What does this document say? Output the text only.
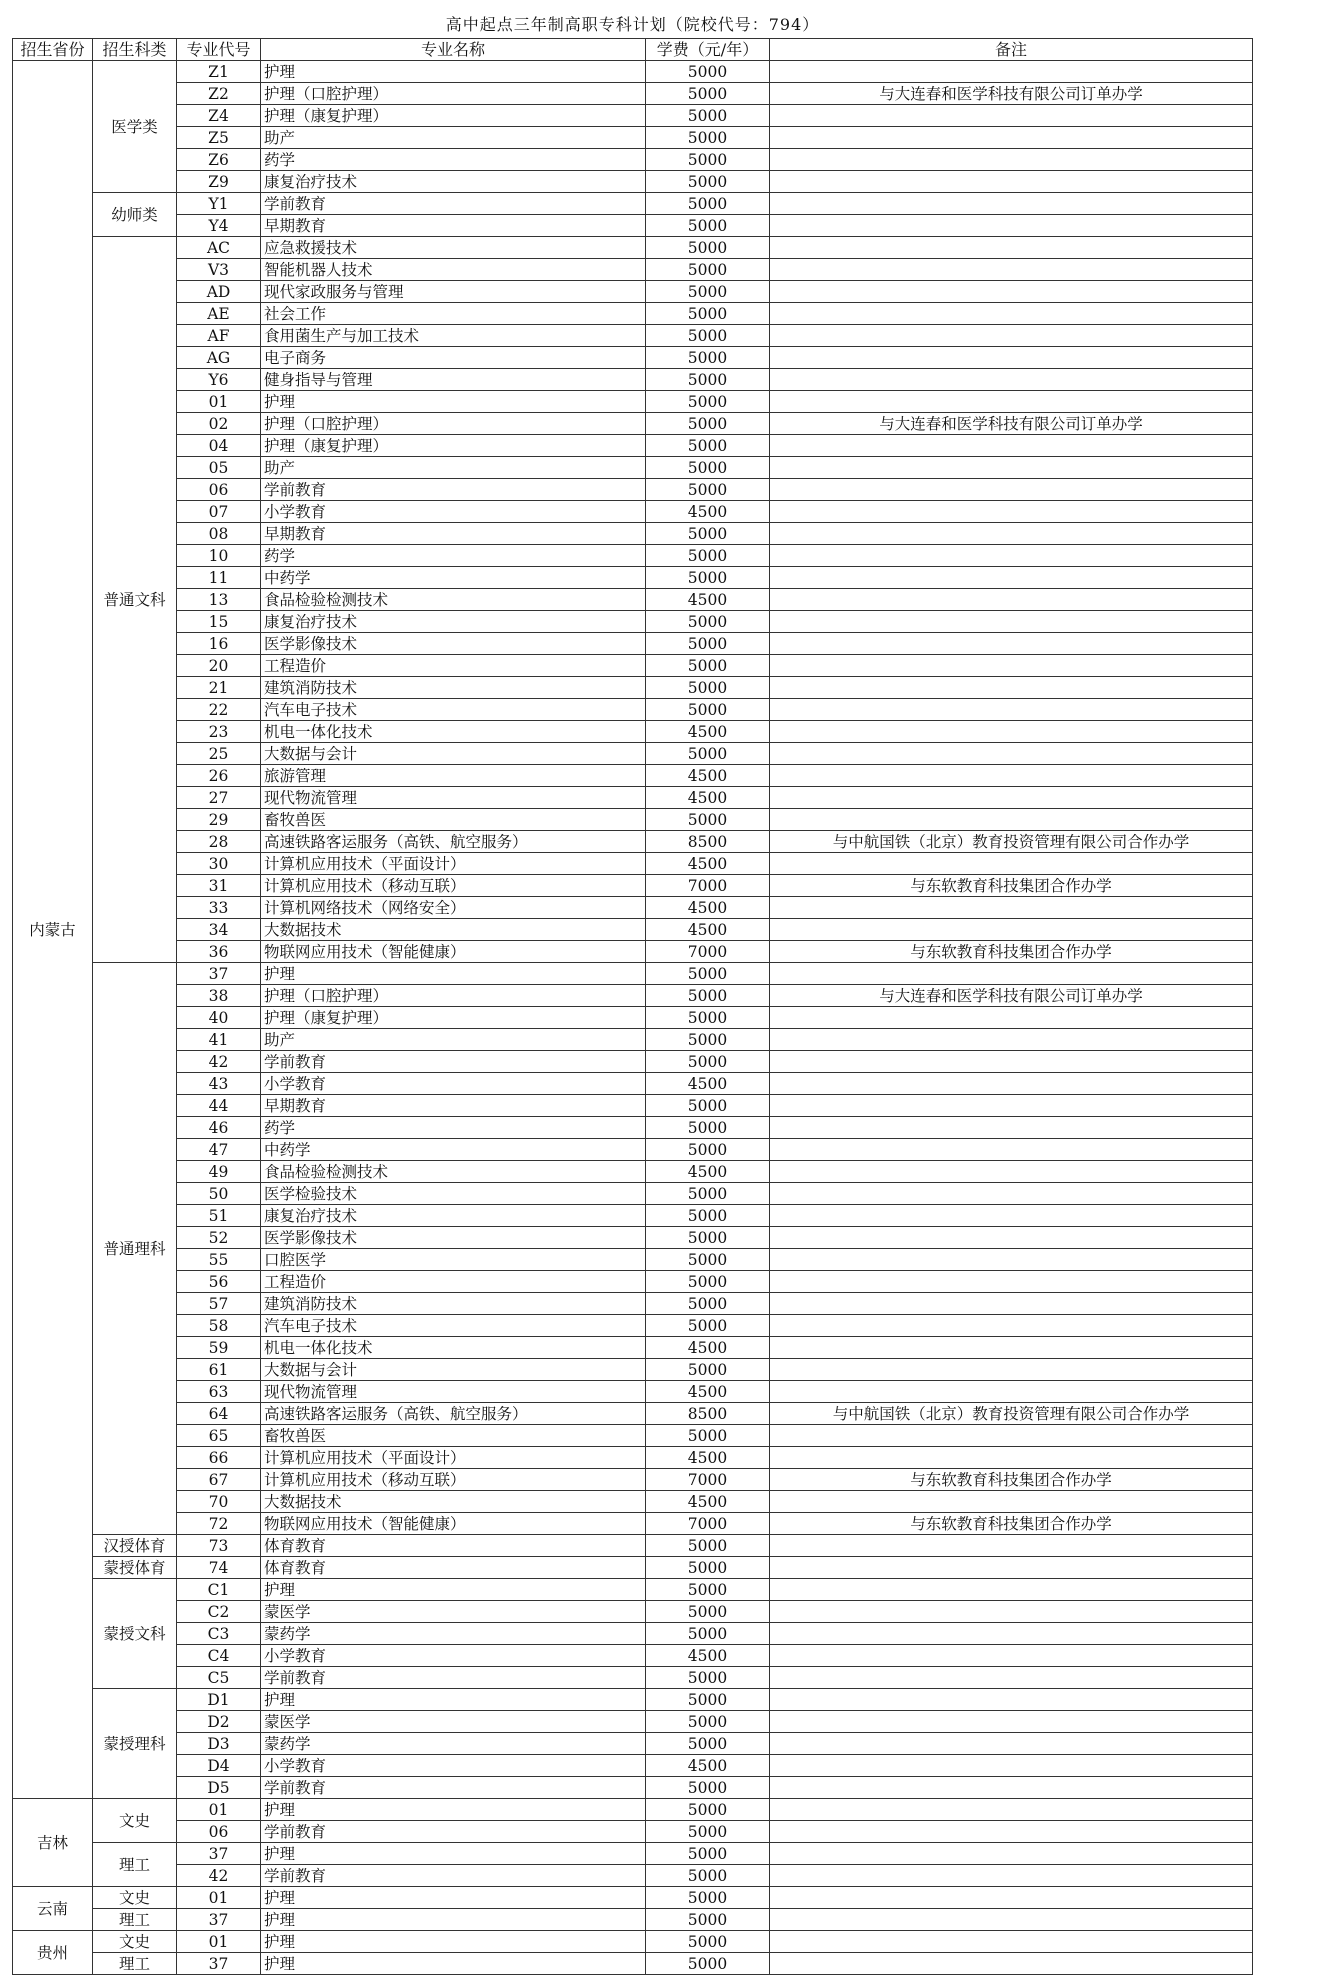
高中起点三年制高职专科计划（院校代号：794）					
招生省份	招生科类	专业代号	专业名称	学费（元/年）	备注
内蒙古	医学类	Z1	护理	5000	
		Z2	护理（口腔护理）	5000	与大连春和医学科技有限公司订单办学
		Z4	护理（康复护理）	5000	
		Z5	助产	5000	
		Z6	药学	5000	
		Z9	康复治疗技术	5000	
	幼师类	Y1	学前教育	5000	
		Y4	早期教育	5000	
	普通文科	AC	应急救援技术	5000	
		V3	智能机器人技术	5000	
		AD	现代家政服务与管理	5000	
		AE	社会工作	5000	
		AF	食用菌生产与加工技术	5000	
		AG	电子商务	5000	
		Y6	健身指导与管理	5000	
		01	护理	5000	
		02	护理（口腔护理）	5000	与大连春和医学科技有限公司订单办学
		04	护理（康复护理）	5000	
		05	助产	5000	
		06	学前教育	5000	
		07	小学教育	4500	
		08	早期教育	5000	
		10	药学	5000	
		11	中药学	5000	
		13	食品检验检测技术	4500	
		15	康复治疗技术	5000	
		16	医学影像技术	5000	
		20	工程造价	5000	
		21	建筑消防技术	5000	
		22	汽车电子技术	5000	
		23	机电一体化技术	4500	
		25	大数据与会计	5000	
		26	旅游管理	4500	
		27	现代物流管理	4500	
		29	畜牧兽医	5000	
		28	高速铁路客运服务（高铁、航空服务）	8500	与中航国铁（北京）教育投资管理有限公司合作办学
		30	计算机应用技术（平面设计）	4500	
		31	计算机应用技术（移动互联）	7000	与东软教育科技集团合作办学
		33	计算机网络技术（网络安全）	4500	
		34	大数据技术	4500	
		36	物联网应用技术（智能健康）	7000	与东软教育科技集团合作办学
	普通理科	37	护理	5000	
		38	护理（口腔护理）	5000	与大连春和医学科技有限公司订单办学
		40	护理（康复护理）	5000	
		41	助产	5000	
		42	学前教育	5000	
		43	小学教育	4500	
		44	早期教育	5000	
		46	药学	5000	
		47	中药学	5000	
		49	食品检验检测技术	4500	
		50	医学检验技术	5000	
		51	康复治疗技术	5000	
		52	医学影像技术	5000	
		55	口腔医学	5000	
		56	工程造价	5000	
		57	建筑消防技术	5000	
		58	汽车电子技术	5000	
		59	机电一体化技术	4500	
		61	大数据与会计	5000	
		63	现代物流管理	4500	
		64	高速铁路客运服务（高铁、航空服务）	8500	与中航国铁（北京）教育投资管理有限公司合作办学
		65	畜牧兽医	5000	
		66	计算机应用技术（平面设计）	4500	
		67	计算机应用技术（移动互联）	7000	与东软教育科技集团合作办学
		70	大数据技术	4500	
		72	物联网应用技术（智能健康）	7000	与东软教育科技集团合作办学
	汉授体育	73	体育教育	5000	
	蒙授体育	74	体育教育	5000	
	蒙授文科	C1	护理	5000	
		C2	蒙医学	5000	
		C3	蒙药学	5000	
		C4	小学教育	4500	
		C5	学前教育	5000	
	蒙授理科	D1	护理	5000	
		D2	蒙医学	5000	
		D3	蒙药学	5000	
		D4	小学教育	4500	
		D5	学前教育	5000	
吉林	文史	01	护理	5000	
		06	学前教育	5000	
	理工	37	护理	5000	
		42	学前教育	5000	
云南	文史	01	护理	5000	
	理工	37	护理	5000	
贵州	文史	01	护理	5000	
	理工	37	护理	5000	
